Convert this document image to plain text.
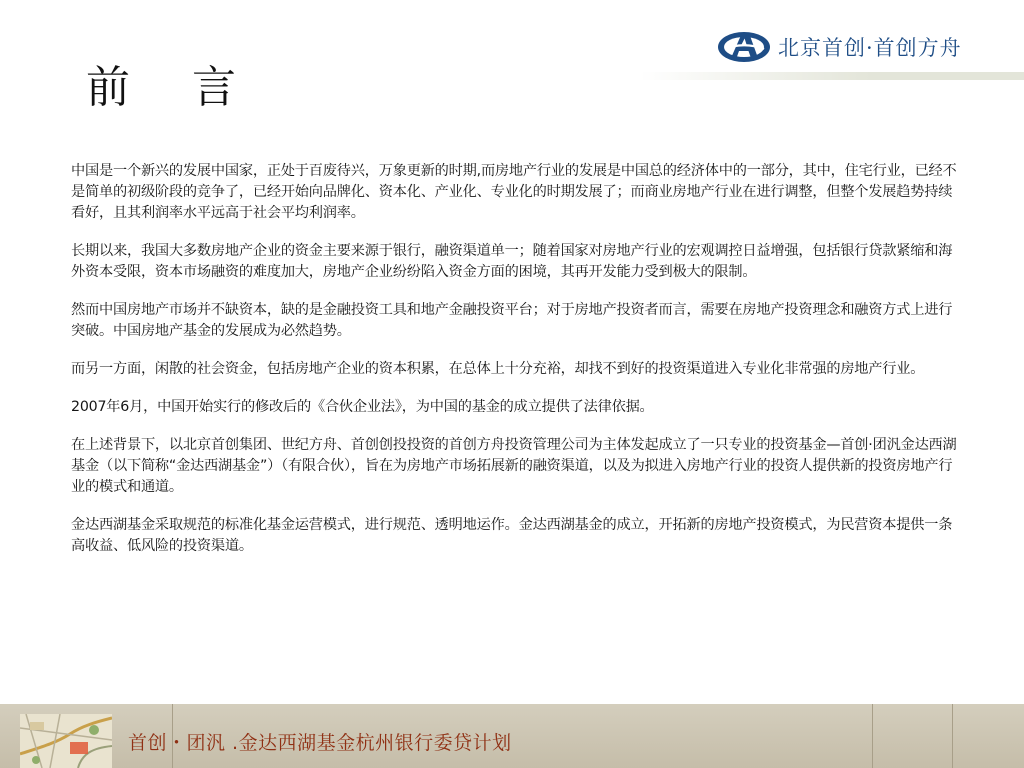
北京首创·首创方舟
前言

中国是一个新兴的发展中国家，正处于百废待兴，万象更新的时期,而房地产行业的发展是中国总的经济体中的一部分，其中，住宅行业，已经不是简单的初级阶段的竞争了，已经开始向品牌化、资本化、产业化、专业化的时期发展了；而商业房地产行业在进行调整，但整个发展趋势持续看好，且其利润率水平远高于社会平均利润率。

长期以来，我国大多数房地产企业的资金主要来源于银行，融资渠道单一；随着国家对房地产行业的宏观调控日益增强，包括银行贷款紧缩和海外资本受限，资本市场融资的难度加大，房地产企业纷纷陷入资金方面的困境，其再开发能力受到极大的限制。

然而中国房地产市场并不缺资本，缺的是金融投资工具和地产金融投资平台；对于房地产投资者而言，需要在房地产投资理念和融资方式上进行突破。中国房地产基金的发展成为必然趋势。

而另一方面，闲散的社会资金，包括房地产企业的资本积累，在总体上十分充裕，却找不到好的投资渠道进入专业化非常强的房地产行业。

2007年6月，中国开始实行的修改后的《合伙企业法》，为中国的基金的成立提供了法律依据。

在上述背景下，以北京首创集团、世纪方舟、首创创投投资的首创方舟投资管理公司为主体发起成立了一只专业的投资基金—首创·团汎金达西湖基金（以下简称“金达西湖基金”）（有限合伙），旨在为房地产市场拓展新的融资渠道，以及为拟进入房地产行业的投资人提供新的投资房地产行业的模式和通道。

金达西湖基金采取规范的标准化基金运营模式，进行规范、透明地运作。金达西湖基金的成立，开拓新的房地产投资模式，为民营资本提供一条高收益、低风险的投资渠道。

首创・团汎 .金达西湖基金杭州银行委贷计划
